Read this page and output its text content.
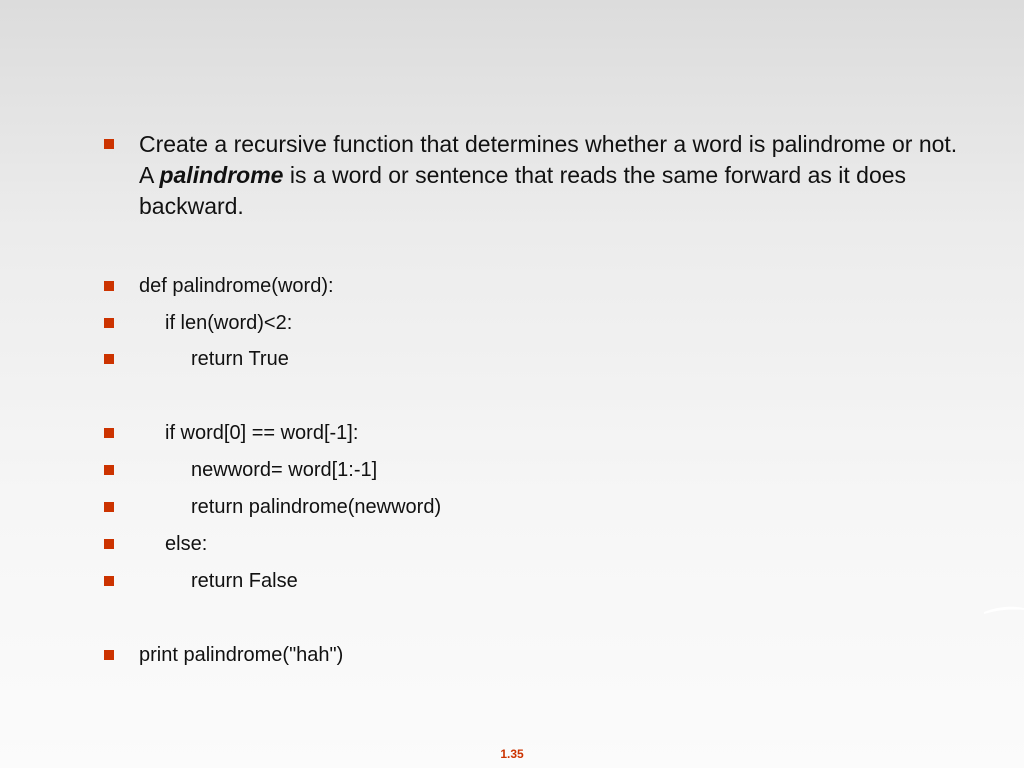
Create a recursive function that determines whether a word is palindrome or not. A palindrome is a word or sentence that reads the same forward as it does backward.
def palindrome(word):
if len(word)<2:
return True
if word[0] == word[-1]:
newword= word[1:-1]
return palindrome(newword)
else:
return False
print palindrome("hah")
1.35
